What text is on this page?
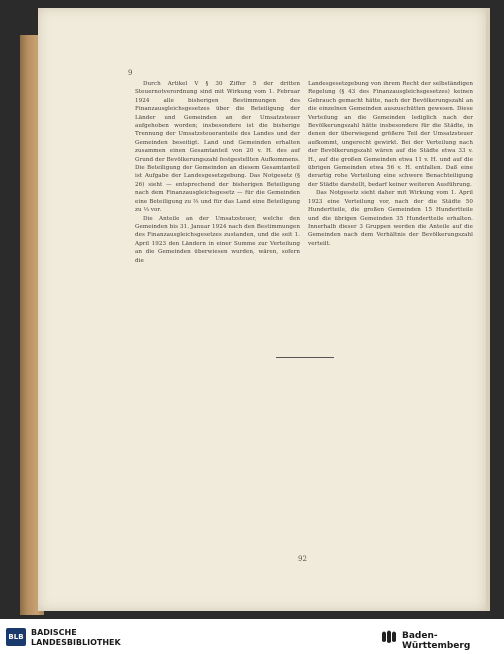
9

Durch Artikel V § 30 Ziffer 5 der dritten Steuernotverordnung sind mit Wirkung vom 1. Februar 1924 alle bisherigen Bestimmungen des Finanzausgleichsgesetzes über die Beteiligung der Länder und Gemeinden an der Umsatzsteuer aufgehoben worden; insbesondere ist die bisherige Trennung der Umsatzsteueranteile des Landes und der Gemeinden beseitigt. Land und Gemeinden erhalten zusammen einen Gesamtanteil von 20 v. H. des auf Grund der Bevölkerungszahl festgestellten Aufkommens. Die Beteiligung der Gemeinden an diesem Gesamtanteil ist Aufgabe der Landesgesetzgebung. Das Notgesetz (§ 26) sieht — entsprechend der bisherigen Beteiligung nach dem Finanzausgleichsgesetz — für die Gemeinden eine Beteiligung zu ⅔ und für das Land eine Beteiligung zu ⅓ vor.

Die Anteile an der Umsatzsteuer, welche den Gemeinden bis 31. Januar 1924 nach den Bestimmungen des Finanzausgleichsgesetzes zustanden, und die seit 1. April 1923 den Ländern in einer Summe zur Verteilung an die Gemeinden überwiesen wurden, wären, sofern die

Landesgesetzgebung von ihrem Recht der selbständigen Regelung (§ 43 des Finanzausgleichsgesetzes) keinen Gebrauch gemacht hätte, nach der Bevölkerungszahl an die einzelnen Gemeinden auszuschütten gewesen. Diese Verteilung an die Gemeinden lediglich nach der Bevölkerungszahl hätte insbesondere für die Städte, in denen der überwiegend größere Teil der Umsatzsteuer aufkommt, ungerecht gewirkt. Bei der Verteilung nach der Bevölkerungszahl wären auf die Städte etwa 33 v. H., auf die großen Gemeinden etwa 11 v. H. und auf die übrigen Gemeinden etwa 56 v. H. entfallen. Daß eine derartig rohe Verteilung eine schwere Benachteiligung der Städte darstellt, bedarf keiner weiteren Ausführung.

Das Notgesetz sieht daher mit Wirkung vom 1. April 1923 eine Verteilung vor, nach der die Städte 50 Hundertteile, die großen Gemeinden 15 Hundertteile und die übrigen Gemeinden 35 Hundertteile erhalten. Innerhalb dieser 3 Gruppen werden die Anteile auf die Gemeinden nach dem Verhältnis der Bevölkerungszahl verteilt.

92
BLB BADISCHE
LANDESBIBLIOTHEK
Baden-Württemberg
